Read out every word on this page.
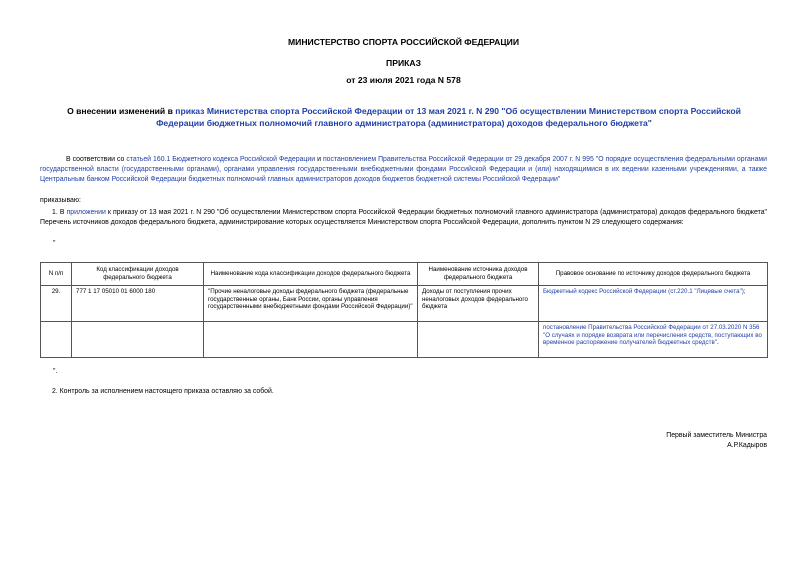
МИНИСТЕРСТВО СПОРТА РОССИЙСКОЙ ФЕДЕРАЦИИ
ПРИКАЗ
от 23 июля 2021 года N 578
О внесении изменений в приказ Министерства спорта Российской Федерации от 13 мая 2021 г. N 290 "Об осуществлении Министерством спорта Российской Федерации бюджетных полномочий главного администратора (администратора) доходов федерального бюджета"
В соответствии со статьей 160.1 Бюджетного кодекса Российской Федерации и постановлением Правительства Российской Федерации от 29 декабря 2007 г. N 995 "О порядке осуществления федеральными органами государственной власти (государственными органами), органами управления государственными внебюджетными фондами Российской Федерации и (или) находящимися в их ведении казенными учреждениями, а также Центральным банком Российской Федерации бюджетных полномочий главных администраторов доходов бюджетов бюджетной системы Российской Федерации"
приказываю:
1. В приложении к приказу от 13 мая 2021 г. N 290 "Об осуществлении Министерством спорта Российской Федерации бюджетных полномочий главного администратора (администратора) доходов федерального бюджета" Перечень источников доходов федерального бюджета, администрирование которых осуществляется Министерством спорта Российской Федерации, дополнить пунктом N 29 следующего содержания:
"
N п/п	Код классификации доходов федерального бюджета	Наименование кода классификации доходов федерального бюджета	Наименование источника доходов федерального бюджета	Правовое основание по источнику доходов федерального бюджета
29.	777 1 17 05010 01 6000 180	"Прочие неналоговые доходы федерального бюджета (федеральные государственные органы, Банк России, органы управления государственными внебюджетными фондами Российской Федерации)"	Доходы от поступления прочих неналоговых доходов федерального бюджета	Бюджетный кодекс Российской Федерации (ст.220.1 "Лицевые счета");
				постановление Правительства Российской Федерации от 27.03.2020 N 356 "О случаях и порядке возврата или перечисления средств, поступающих во временное распоряжение получателей бюджетных средств".
".
2. Контроль за исполнением настоящего приказа оставляю за собой.
Первый заместитель Министра
А.Р.Кадыров
